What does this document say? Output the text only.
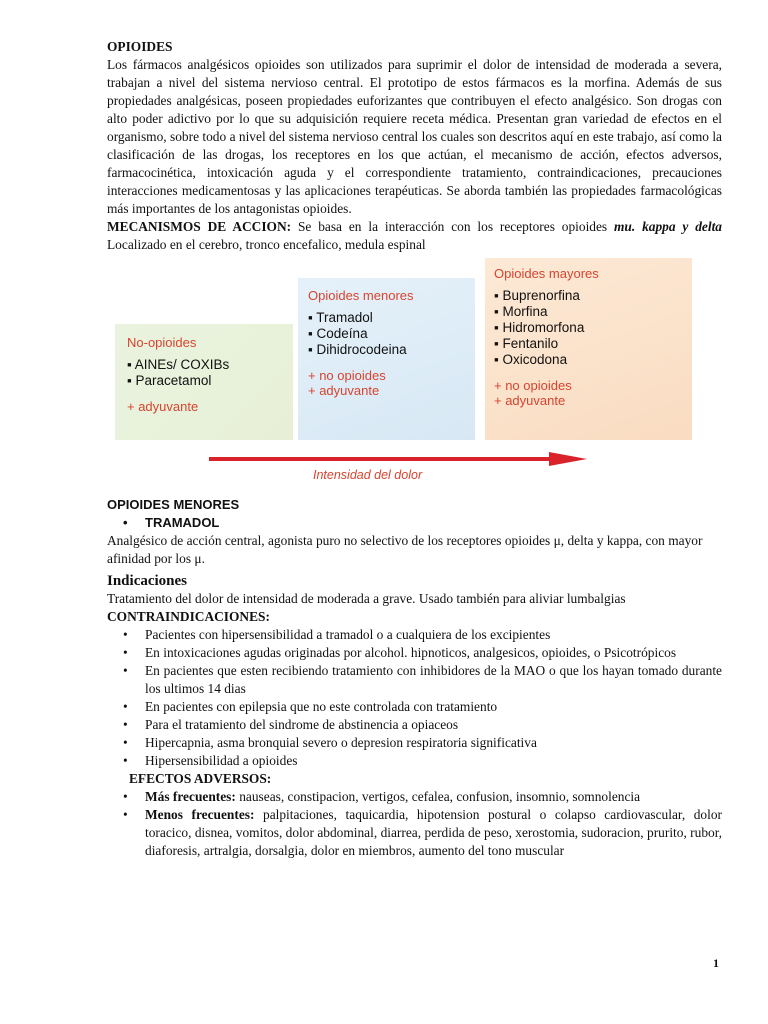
OPIOIDES

Los fármacos analgésicos opioides son utilizados para suprimir el dolor de intensidad de moderada a severa, trabajan a nivel del sistema nervioso central. El prototipo de estos fármacos es la morfina. Además de sus propiedades analgésicas, poseen propiedades euforizantes que contribuyen el efecto analgésico. Son drogas con alto poder adictivo por lo que su adquisición requiere receta médica. Presentan gran variedad de efectos en el organismo, sobre todo a nivel del sistema nervioso central los cuales son descritos aquí en este trabajo, así como la clasificación de las drogas, los receptores en los que actúan, el mecanismo de acción, efectos adversos, farmacocinética, intoxicación aguda y el correspondiente tratamiento, contraindicaciones, precauciones interacciones medicamentosas y las aplicaciones terapéuticas. Se aborda también las propiedades farmacológicas más importantes de los antagonistas opioides.

MECANISMOS DE ACCION: Se basa en la interacción con los receptores opioides mu. kappa y delta Localizado en el cerebro, tronco encefalico, medula espinal

No-opioides
▪ AINEs/ COXIBs
▪ Paracetamol
+ adyuvante
Opioides menores
▪ Tramadol
▪ Codeína
▪ Dihidrocodeina
+ no opioides
+ adyuvante
Opioides mayores
▪ Buprenorfina
▪ Morfina
▪ Hidromorfona
▪ Fentanilo
▪ Oxicodona
+ no opioides
+ adyuvante
Intensidad del dolor
OPIOIDES MENORES
• TRAMADOL

Analgésico de acción central, agonista puro no selectivo de los receptores opioides μ, delta y kappa, con mayor afinidad por los μ.

Indicaciones

Tratamiento del dolor de intensidad de moderada a grave. Usado también para aliviar lumbalgias

CONTRAINDICACIONES:
• Pacientes con hipersensibilidad a tramadol o a cualquiera de los excipientes
• En intoxicaciones agudas originadas por alcohol. hipnoticos, analgesicos, opioides, o Psicotrópicos
• En pacientes que esten recibiendo tratamiento con inhibidores de la MAO o que los hayan tomado durante los ultimos 14 dias
• En pacientes con epilepsia que no este controlada con tratamiento
• Para el tratamiento del sindrome de abstinencia a opiaceos
• Hipercapnia, asma bronquial severo o depresion respiratoria significativa
• Hipersensibilidad a opioides
EFECTOS ADVERSOS:
• Más frecuentes: nauseas, constipacion, vertigos, cefalea, confusion, insomnio, somnolencia
• Menos frecuentes: palpitaciones, taquicardia, hipotension postural o colapso cardiovascular, dolor toracico, disnea, vomitos, dolor abdominal, diarrea, perdida de peso, xerostomia, sudoracion, prurito, rubor, diaforesis, artralgia, dorsalgia, dolor en miembros, aumento del tono muscular
1
